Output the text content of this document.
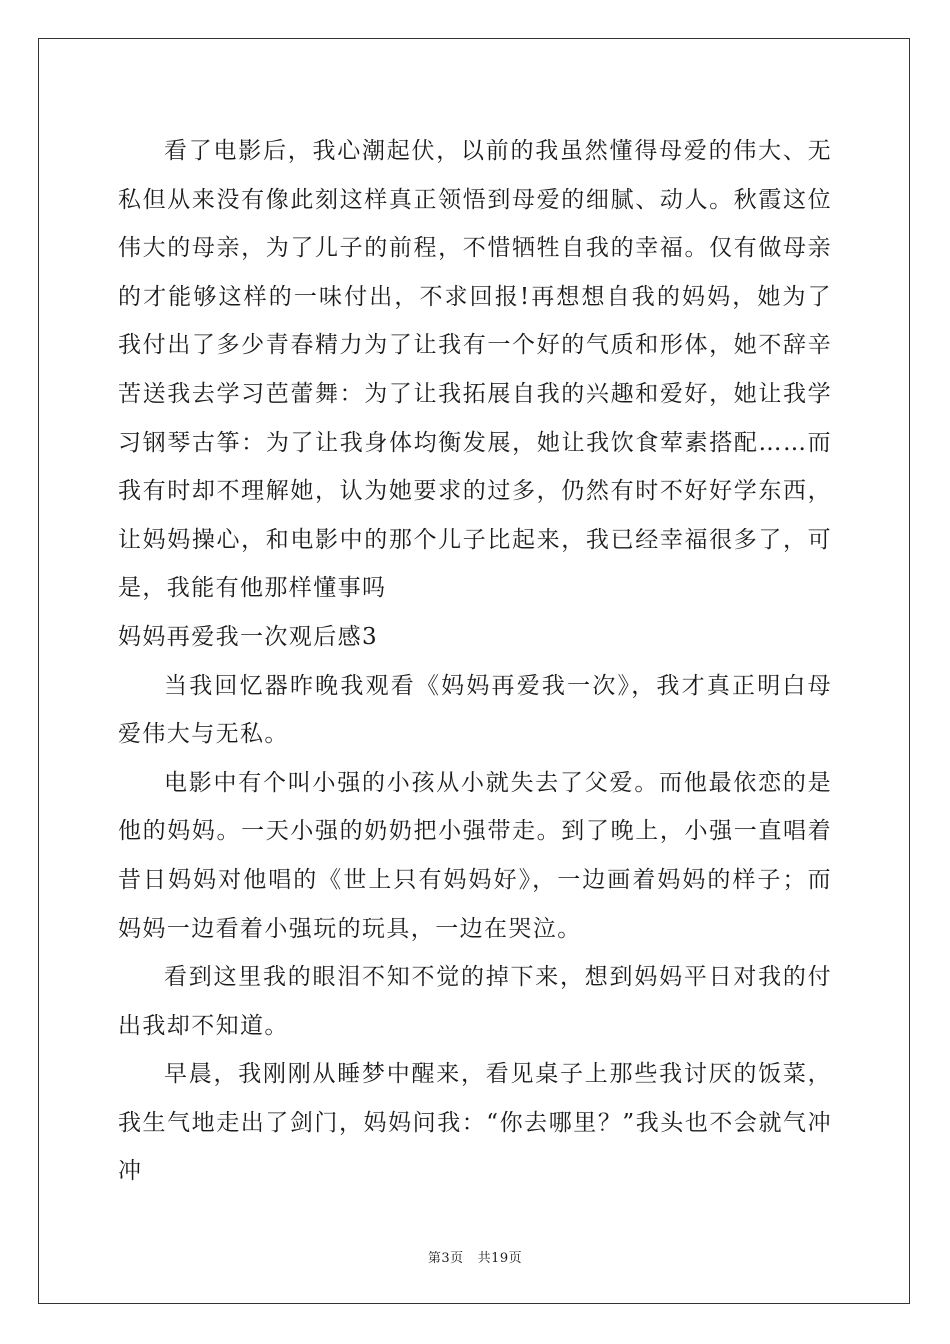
看了电影后，我心潮起伏，以前的我虽然懂得母爱的伟大、无私但从来没有像此刻这样真正领悟到母爱的细腻、动人。秋霞这位伟大的母亲，为了儿子的前程，不惜牺牲自我的幸福。仅有做母亲的才能够这样的一味付出，不求回报!再想想自我的妈妈，她为了我付出了多少青春精力为了让我有一个好的气质和形体，她不辞辛苦送我去学习芭蕾舞：为了让我拓展自我的兴趣和爱好，她让我学习钢琴古筝：为了让我身体均衡发展，她让我饮食荤素搭配……而我有时却不理解她，认为她要求的过多，仍然有时不好好学东西，让妈妈操心，和电影中的那个儿子比起来，我已经幸福很多了，可是，我能有他那样懂事吗

妈妈再爱我一次观后感3

当我回忆器昨晚我观看《妈妈再爱我一次》，我才真正明白母爱伟大与无私。

电影中有个叫小强的小孩从小就失去了父爱。而他最依恋的是他的妈妈。一天小强的奶奶把小强带走。到了晚上，小强一直唱着昔日妈妈对他唱的《世上只有妈妈好》，一边画着妈妈的样子；而妈妈一边看着小强玩的玩具，一边在哭泣。

看到这里我的眼泪不知不觉的掉下来，想到妈妈平日对我的付出我却不知道。

早晨，我刚刚从睡梦中醒来，看见桌子上那些我讨厌的饭菜，我生气地走出了剑门，妈妈问我：“你去哪里？”我头也不会就气冲冲

第3页 共19页
